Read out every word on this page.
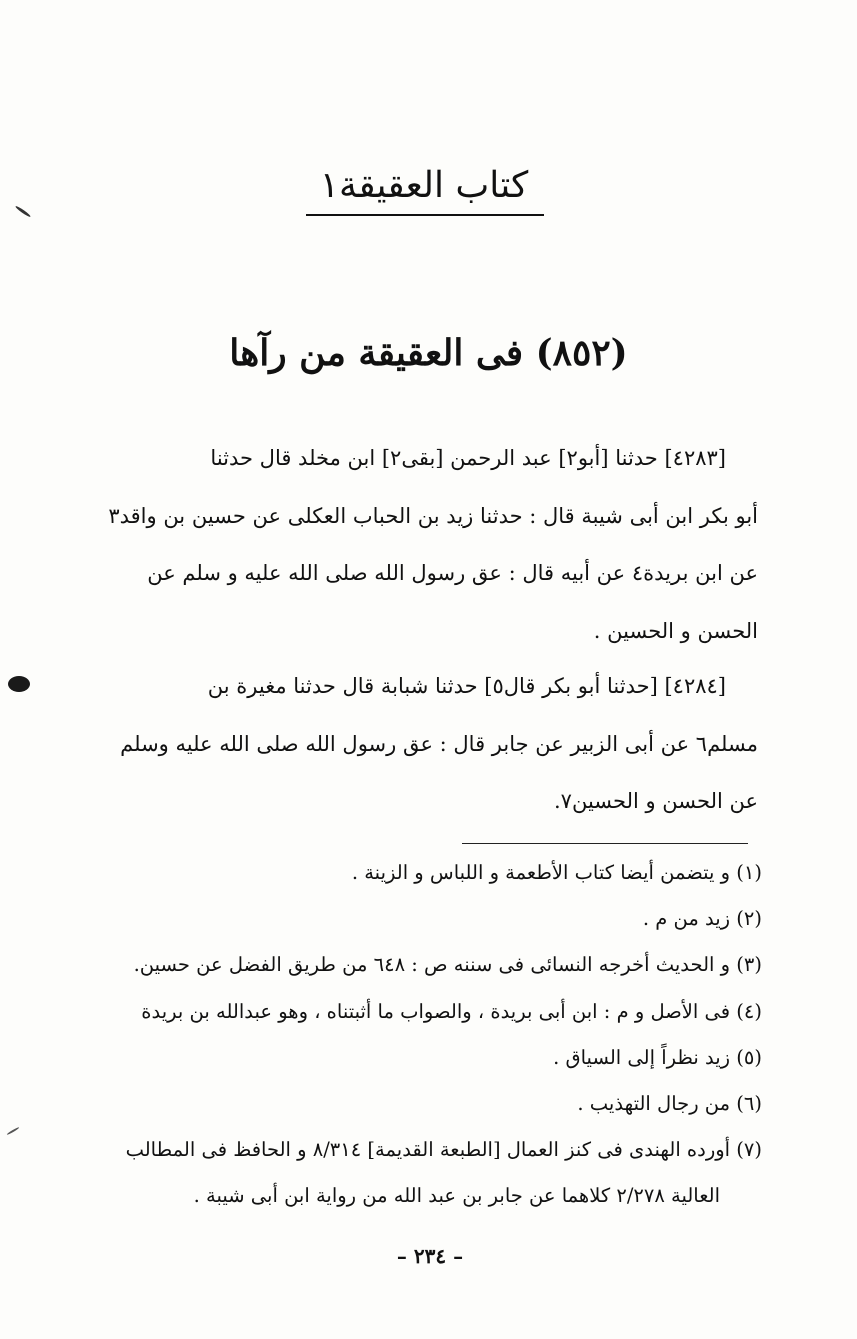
كتاب العقيقة١
(٨٥٢) فى العقيقة من رآها
[٤٢٨٣] حدثنا [أبو٢] عبد الرحمن [بقى٢] ابن مخلد قال حدثنا
أبو بكر ابن أبى شيبة قال : حدثنا زيد بن الحباب العكلى عن حسين بن واقد٣
عن ابن بريدة٤ عن أبيه قال : عق رسول الله صلى الله عليه و سلم عن
الحسن و الحسين .
[٤٢٨٤] [حدثنا أبو بكر قال٥] حدثنا شبابة قال حدثنا مغيرة بن
مسلم٦ عن أبى الزبير عن جابر قال : عق رسول الله صلى الله عليه وسلم
عن الحسن و الحسين٧.
(١) و يتضمن أيضا كتاب الأطعمة و اللباس و الزينة .
(٢) زيد من م .
(٣) و الحديث أخرجه النسائى فى سننه ص : ٦٤٨ من طريق الفضل عن حسين.
(٤) فى الأصل و م : ابن أبى بريدة ، والصواب ما أثبتناه ، وهو عبدالله بن بريدة
(٥) زيد نظراً إلى السياق .
(٦) من رجال التهذيب .
(٧) أورده الهندى فى كنز العمال [الطبعة القديمة] ٨/٣١٤ و الحافظ فى المطالب
العالية ٢/٢٧٨ كلاهما عن جابر بن عبد الله من رواية ابن أبى شيبة .
– ٢٣٤ –
